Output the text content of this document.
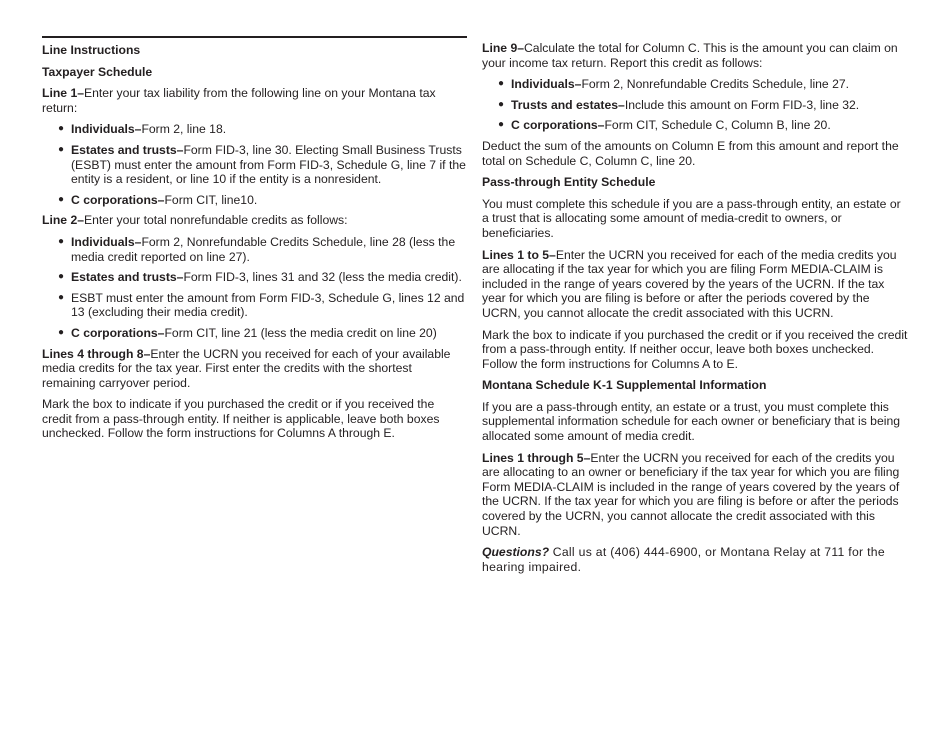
Line Instructions
Taxpayer Schedule

Line 1–Enter your tax liability from the following line on your Montana tax return:

● Individuals–Form 2, line 18.
● Estates and trusts–Form FID-3, line 30. Electing Small Business Trusts (ESBT) must enter the amount from Form FID-3, Schedule G, line 7 if the entity is a resident, or line 10 if the entity is a nonresident.
● C corporations–Form CIT, line10.

Line 2–Enter your total nonrefundable credits as follows:

● Individuals–Form 2, Nonrefundable Credits Schedule, line 28 (less the media credit reported on line 27).
● Estates and trusts–Form FID-3, lines 31 and 32 (less the media credit).
● ESBT must enter the amount from Form FID-3, Schedule G, lines 12 and 13 (excluding their media credit).
● C corporations–Form CIT, line 21 (less the media credit on line 20)

Lines 4 through 8–Enter the UCRN you received for each of your available media credits for the tax year. First enter the credits with the shortest remaining carryover period.

Mark the box to indicate if you purchased the credit or if you received the credit from a pass-through entity. If neither is applicable, leave both boxes unchecked. Follow the form instructions for Columns A through E.

Line 9–Calculate the total for Column C. This is the amount you can claim on your income tax return. Report this credit as follows:

● Individuals–Form 2, Nonrefundable Credits Schedule, line 27.
● Trusts and estates–Include this amount on Form FID-3, line 32.
● C corporations–Form CIT, Schedule C, Column B, line 20.

Deduct the sum of the amounts on Column E from this amount and report the total on Schedule C, Column C, line 20.

Pass-through Entity Schedule

You must complete this schedule if you are a pass-through entity, an estate or a trust that is allocating some amount of media-credit to owners, or beneficiaries.

Lines 1 to 5–Enter the UCRN you received for each of the media credits you are allocating if the tax year for which you are filing Form MEDIA-CLAIM is included in the range of years covered by the years of the UCRN. If the tax year for which you are filing is before or after the periods covered by the UCRN, you cannot allocate the credit associated with this UCRN.

Mark the box to indicate if you purchased the credit or if you received the credit from a pass-through entity. If neither occur, leave both boxes unchecked. Follow the form instructions for Columns A to E.

Montana Schedule K-1 Supplemental Information

If you are a pass-through entity, an estate or a trust, you must complete this supplemental information schedule for each owner or beneficiary that is being allocated some amount of media credit.

Lines 1 through 5–Enter the UCRN you received for each of the credits you are allocating to an owner or beneficiary if the tax year for which you are filing Form MEDIA-CLAIM is included in the range of years covered by the years of the UCRN. If the tax year for which you are filing is before or after the periods covered by the UCRN, you cannot allocate the credit associated with this UCRN.

Questions? Call us at (406) 444-6900, or Montana Relay at 711 for the hearing impaired.
